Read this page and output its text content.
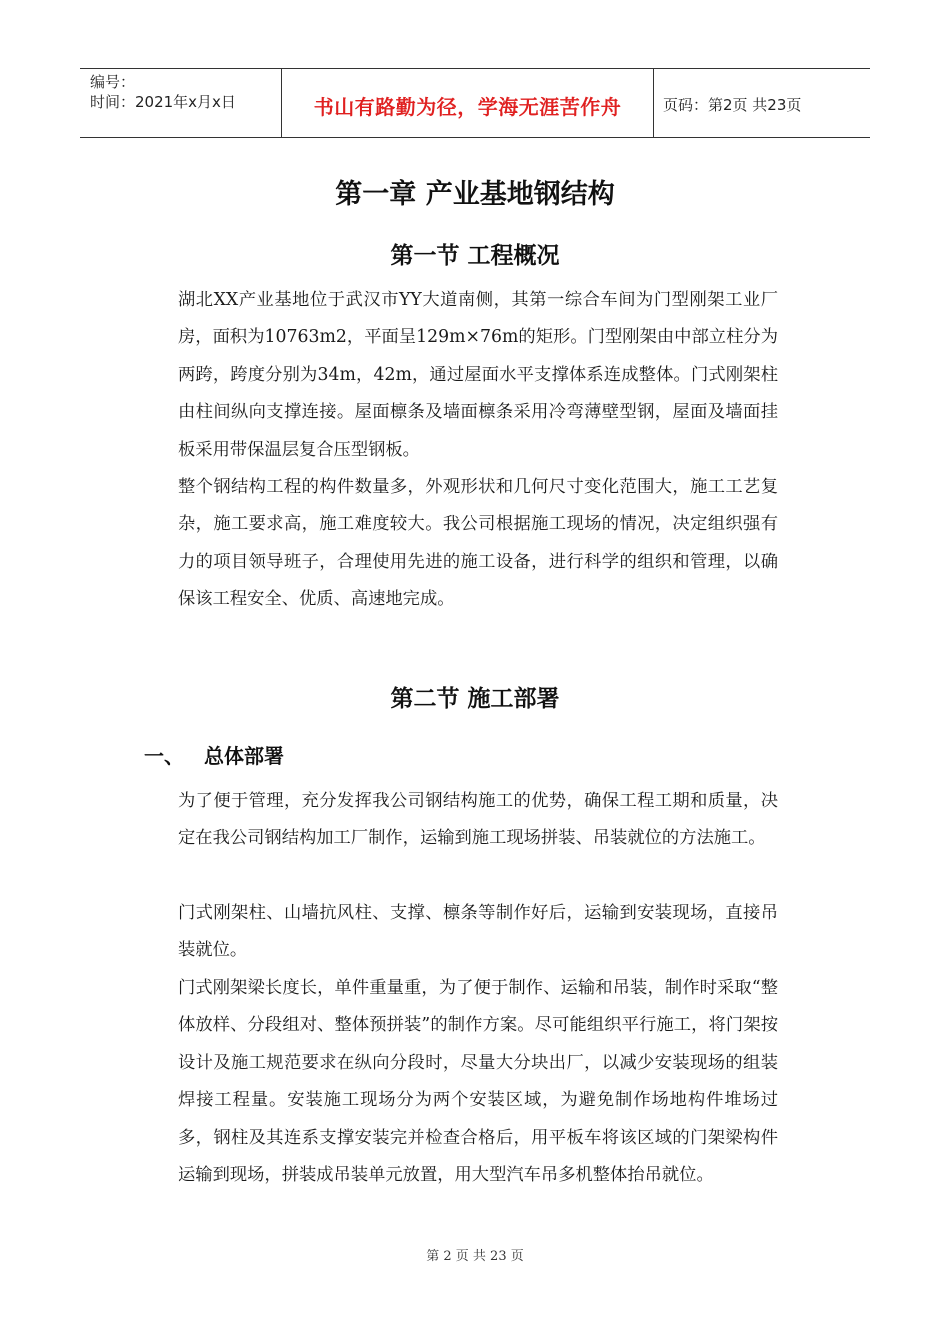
编号：
时间：2021年x月x日	书山有路勤为径，学海无涯苦作舟	页码：第2页 共23页
第一章 产业基地钢结构
第一节 工程概况
湖北XX产业基地位于武汉市YY大道南侧，其第一综合车间为门型刚架工业厂房，面积为10763m2，平面呈129m×76m的矩形。门型刚架由中部立柱分为两跨，跨度分别为34m，42m，通过屋面水平支撑体系连成整体。门式刚架柱由柱间纵向支撑连接。屋面檩条及墙面檩条采用冷弯薄壁型钢，屋面及墙面挂板采用带保温层复合压型钢板。
整个钢结构工程的构件数量多，外观形状和几何尺寸变化范围大，施工工艺复杂，施工要求高，施工难度较大。我公司根据施工现场的情况，决定组织强有力的项目领导班子，合理使用先进的施工设备，进行科学的组织和管理，以确保该工程安全、优质、高速地完成。
第二节 施工部署
一、 总体部署
为了便于管理，充分发挥我公司钢结构施工的优势，确保工程工期和质量，决定在我公司钢结构加工厂制作，运输到施工现场拼装、吊装就位的方法施工。
门式刚架柱、山墙抗风柱、支撑、檩条等制作好后，运输到安装现场，直接吊装就位。
门式刚架梁长度长，单件重量重，为了便于制作、运输和吊装，制作时采取“整体放样、分段组对、整体预拼装”的制作方案。尽可能组织平行施工，将门架按设计及施工规范要求在纵向分段时，尽量大分块出厂，以减少安装现场的组装焊接工程量。安装施工现场分为两个安装区域，为避免制作场地构件堆场过多，钢柱及其连系支撑安装完并检查合格后，用平板车将该区域的门架梁构件运输到现场，拼装成吊装单元放置，用大型汽车吊多机整体抬吊就位。
第 2 页 共 23 页
